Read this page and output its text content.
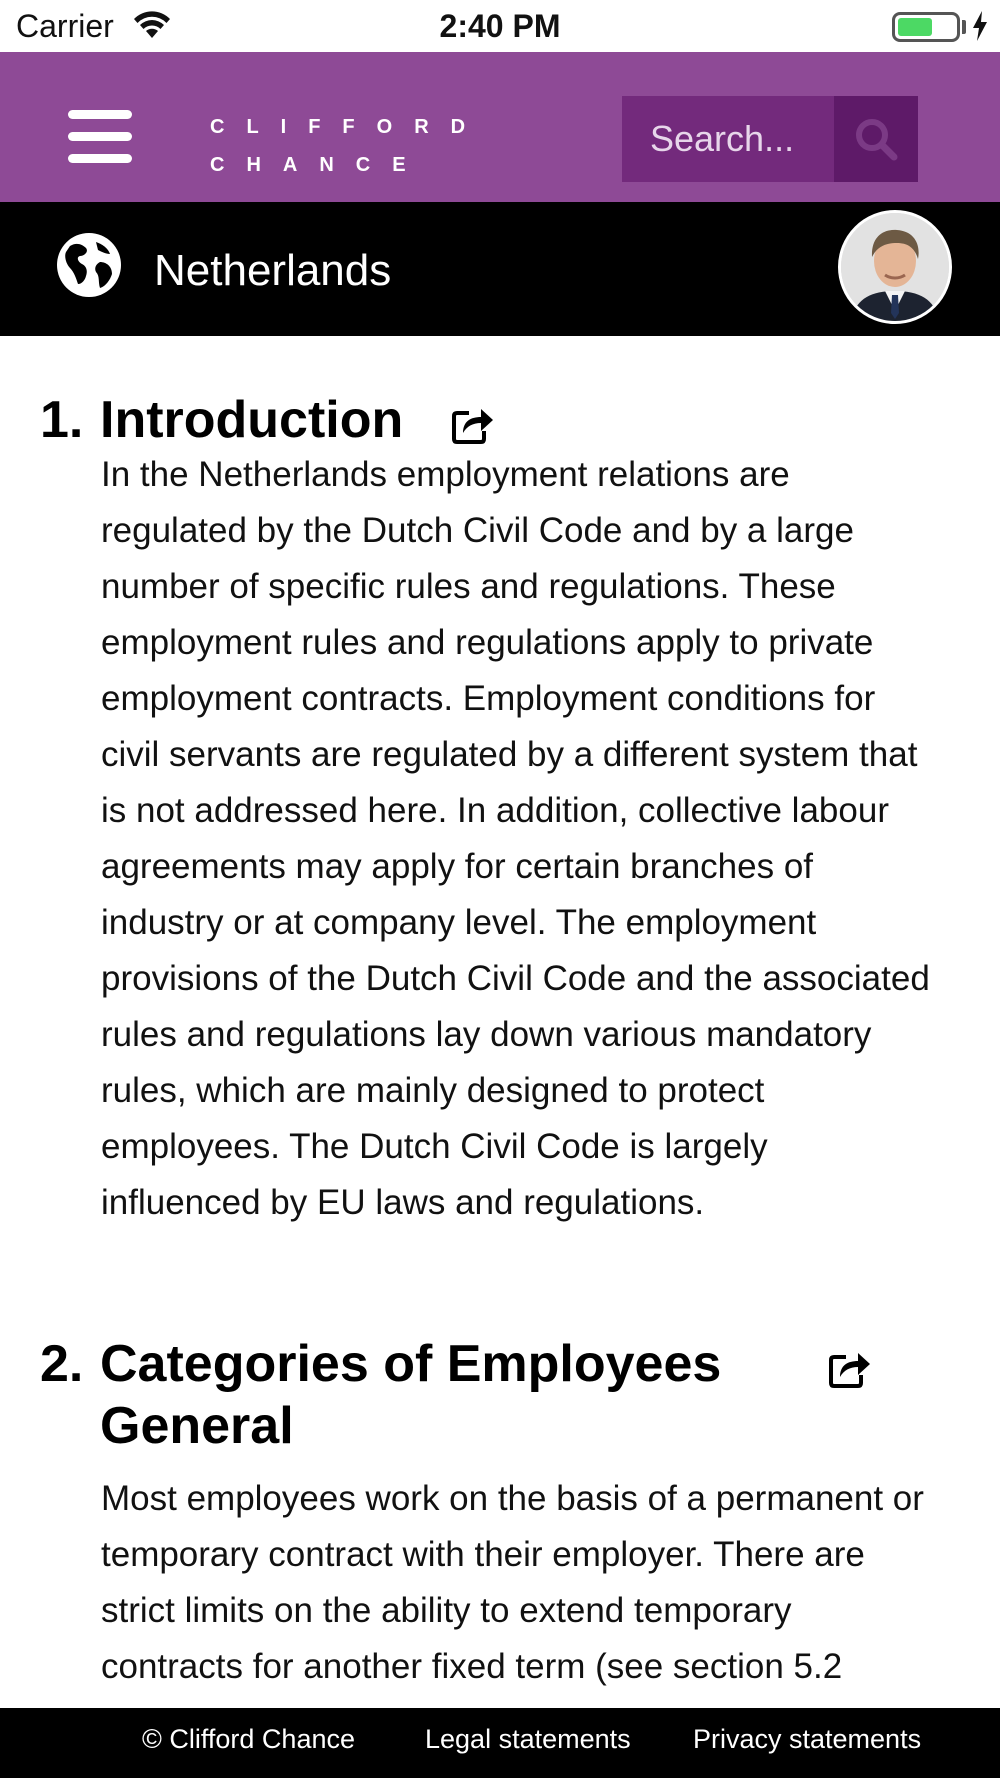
Carrier	2:40 PM
CLIFFORD
CHANCE
Search...
Netherlands
1. Introduction

In the Netherlands employment relations are regulated by the Dutch Civil Code and by a large number of specific rules and regulations. These employment rules and regulations apply to private employment contracts. Employment conditions for civil servants are regulated by a different system that is not addressed here. In addition, collective labour agreements may apply for certain branches of industry or at company level. The employment provisions of the Dutch Civil Code and the associated rules and regulations lay down various mandatory rules, which are mainly designed to protect employees. The Dutch Civil Code is largely influenced by EU laws and regulations.

2. Categories of Employees General

Most employees work on the basis of a permanent or temporary contract with their employer. There are strict limits on the ability to extend temporary contracts for another fixed term (see section 5.2

© Clifford Chance	Legal statements Privacy statements
